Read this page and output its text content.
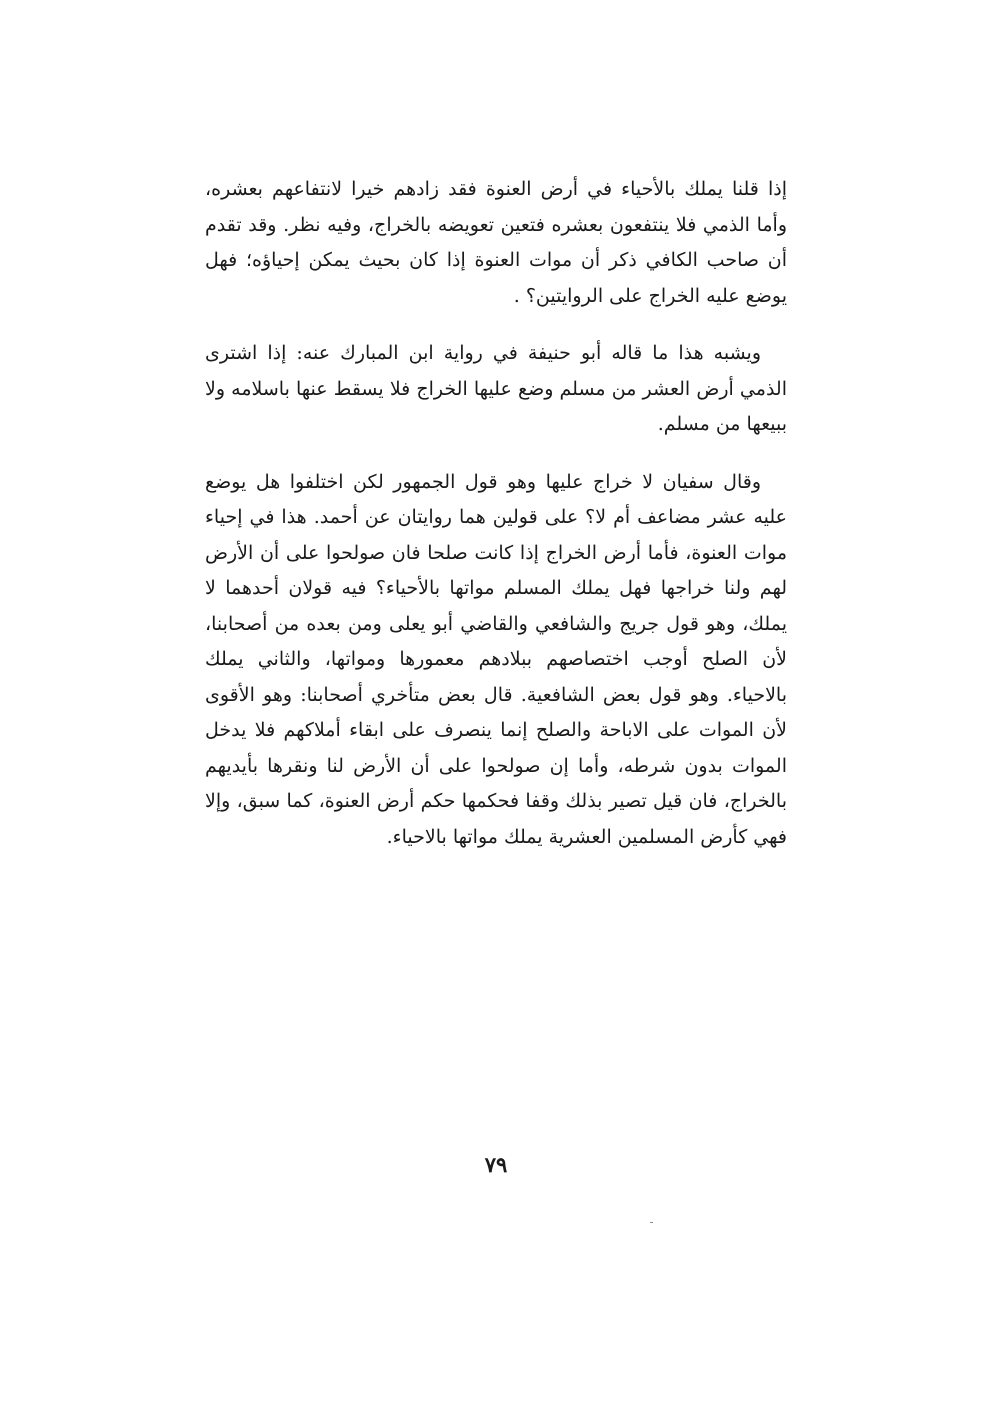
إذا قلنا يملك بالأحياء في أرض العنوة فقد زادهم خيرا لانتفاعهم بعشره، وأما الذمي فلا ينتفعون بعشره فتعين تعويضه بالخراج، وفيه نظر. وقد تقدم أن صاحب الكافي ذكر أن موات العنوة إذا كان بحيث يمكن إحياؤه؛ فهل يوضع عليه الخراج على الروايتين؟ .

ويشبه هذا ما قاله أبو حنيفة في رواية ابن المبارك عنه: إذا اشترى الذمي أرض العشر من مسلم وضع عليها الخراج فلا يسقط عنها باسلامه ولا ببيعها من مسلم.

وقال سفيان لا خراج عليها وهو قول الجمهور لكن اختلفوا هل يوضع عليه عشر مضاعف أم لا؟ على قولين هما روايتان عن أحمد. هذا في إحياء موات العنوة، فأما أرض الخراج إذا كانت صلحا فان صولحوا على أن الأرض لهم ولنا خراجها فهل يملك المسلم مواتها بالأحياء؟ فيه قولان أحدهما لا يملك، وهو قول جريج والشافعي والقاضي أبو يعلى ومن بعده من أصحابنا، لأن الصلح أوجب اختصاصهم ببلادهم معمورها ومواتها، والثاني يملك بالاحياء. وهو قول بعض الشافعية. قال بعض متأخري أصحابنا: وهو الأقوى لأن الموات على الاباحة والصلح إنما ينصرف على ابقاء أملاكهم فلا يدخل الموات بدون شرطه، وأما إن صولحوا على أن الأرض لنا ونقرها بأيديهم بالخراج، فان قيل تصير بذلك وقفا فحكمها حكم أرض العنوة، كما سبق، وإلا فهي كأرض المسلمين العشرية يملك مواتها بالاحياء.

٧٩
